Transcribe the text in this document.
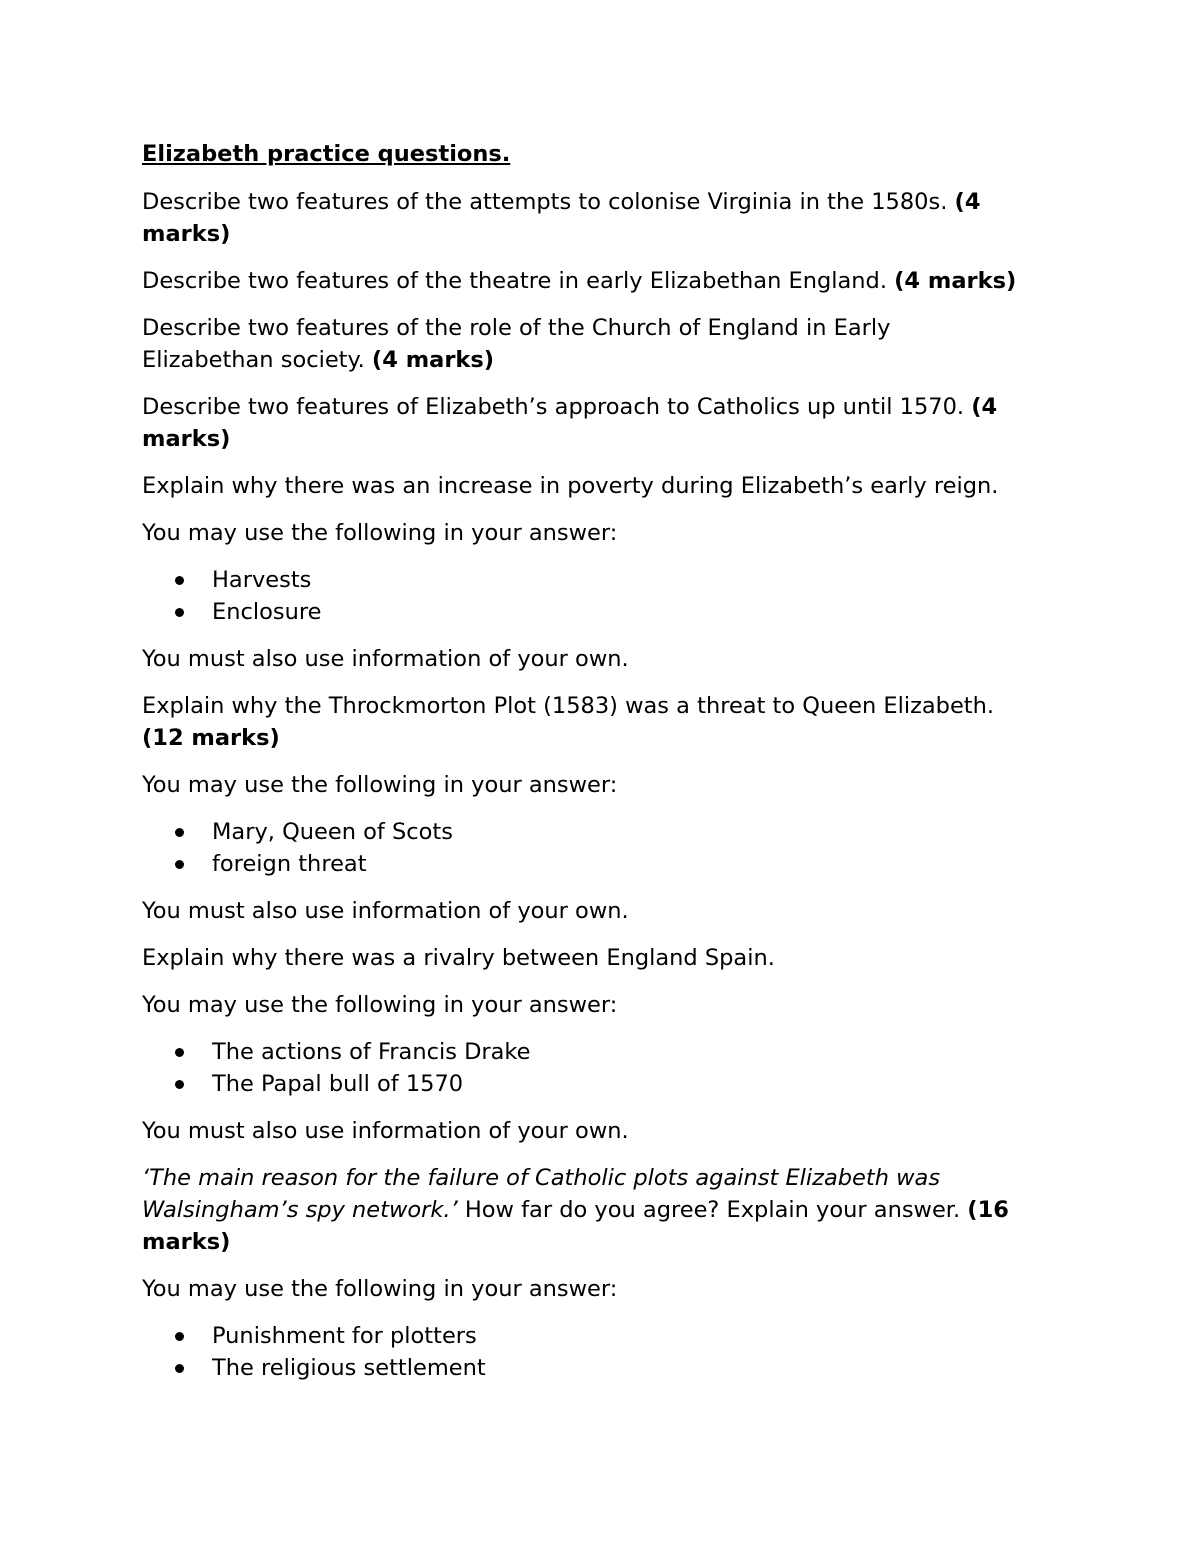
Elizabeth practice questions.

Describe two features of the attempts to colonise Virginia in the 1580s. (4 marks)

Describe two features of the theatre in early Elizabethan England. (4 marks)

Describe two features of the role of the Church of England in Early Elizabethan society. (4 marks)

Describe two features of Elizabeth’s approach to Catholics up until 1570. (4 marks)

Explain why there was an increase in poverty during Elizabeth’s early reign.

You may use the following in your answer:

Harvests
Enclosure

You must also use information of your own.

Explain why the Throckmorton Plot (1583) was a threat to Queen Elizabeth.
(12 marks)

You may use the following in your answer:

Mary, Queen of Scots
foreign threat

You must also use information of your own.

Explain why there was a rivalry between England Spain.

You may use the following in your answer:

The actions of Francis Drake
The Papal bull of 1570

You must also use information of your own.

‘The main reason for the failure of Catholic plots against Elizabeth was Walsingham’s spy network.’ How far do you agree? Explain your answer. (16 marks)

You may use the following in your answer:

Punishment for plotters
The religious settlement
